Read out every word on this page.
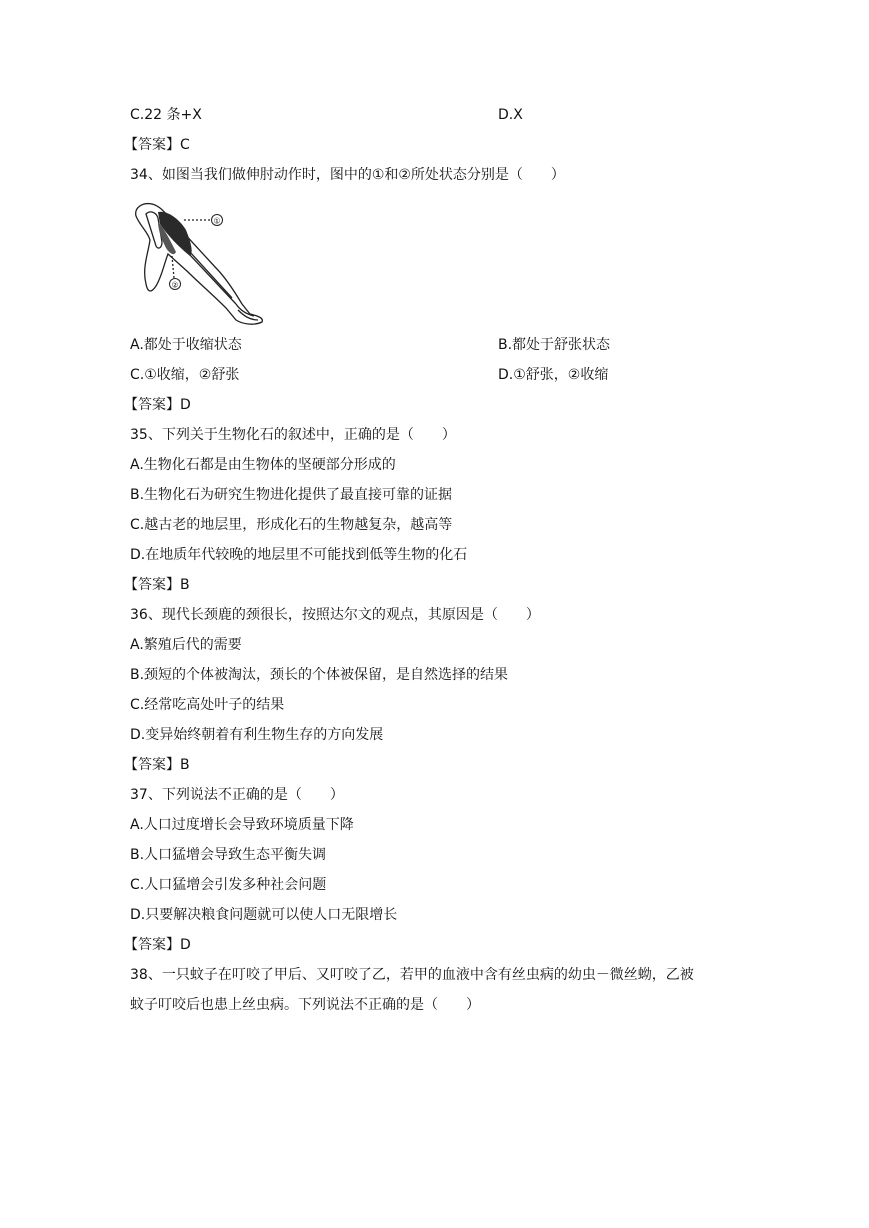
C.22 条+X	D.X
【答案】C
34、如图当我们做伸肘动作时，图中的①和②所处状态分别是（　　）
①
②
A.都处于收缩状态	B.都处于舒张状态
C.①收缩，②舒张	D.①舒张，②收缩
【答案】D
35、下列关于生物化石的叙述中，正确的是（　　）
A.生物化石都是由生物体的坚硬部分形成的
B.生物化石为研究生物进化提供了最直接可靠的证据
C.越古老的地层里，形成化石的生物越复杂，越高等
D.在地质年代较晚的地层里不可能找到低等生物的化石
【答案】B
36、现代长颈鹿的颈很长，按照达尔文的观点，其原因是（　　）
A.繁殖后代的需要
B.颈短的个体被淘汰，颈长的个体被保留，是自然选择的结果
C.经常吃高处叶子的结果
D.变异始终朝着有利生物生存的方向发展
【答案】B
37、下列说法不正确的是（　　）
A.人口过度增长会导致环境质量下降
B.人口猛增会导致生态平衡失调
C.人口猛增会引发多种社会问题
D.只要解决粮食问题就可以使人口无限增长
【答案】D
38、一只蚊子在叮咬了甲后、又叮咬了乙，若甲的血液中含有丝虫病的幼虫－微丝蚴，乙被
蚊子叮咬后也患上丝虫病。下列说法不正确的是（　　）
